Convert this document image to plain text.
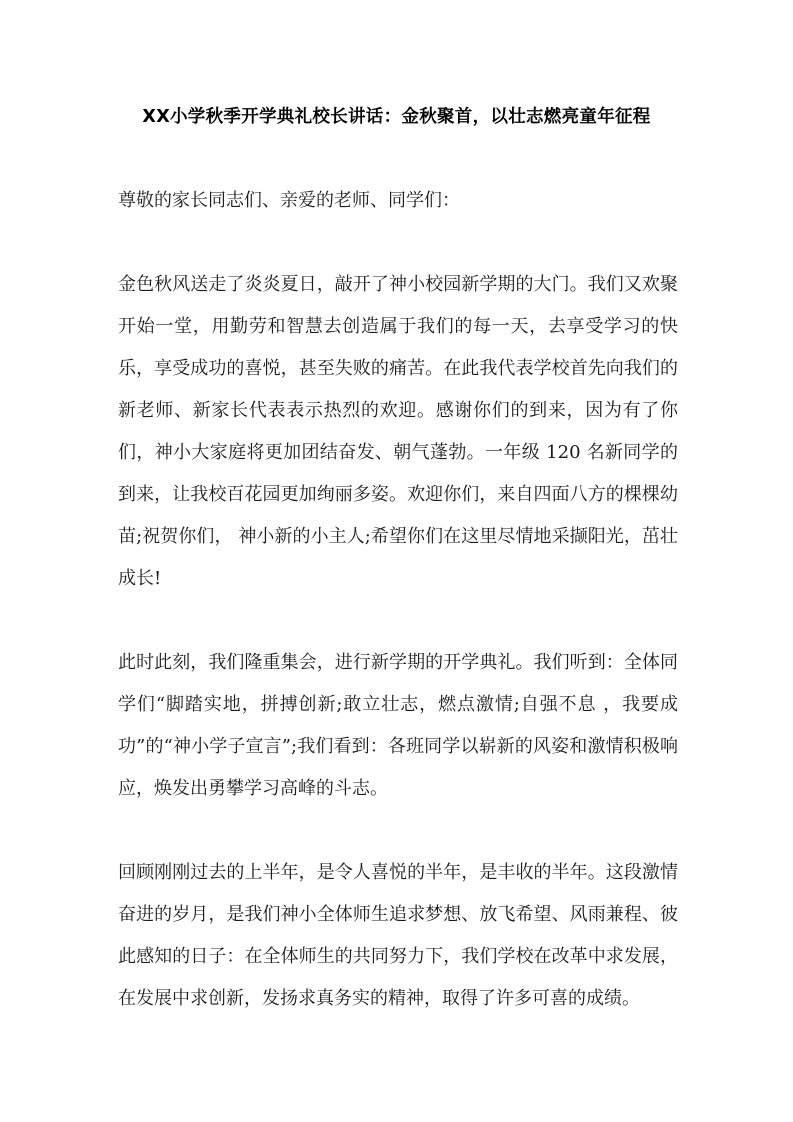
XX小学秋季开学典礼校长讲话：金秋聚首，以壮志燃亮童年征程

尊敬的家长同志们、亲爱的老师、同学们：

金色秋风送走了炎炎夏日，敲开了神小校园新学期的大门。我们又欢聚开始一堂，用勤劳和智慧去创造属于我们的每一天，去享受学习的快乐，享受成功的喜悦，甚至失败的痛苦。在此我代表学校首先向我们的新老师、新家长代表表示热烈的欢迎。感谢你们的到来，因为有了你们，神小大家庭将更加团结奋发、朝气蓬勃。一年级 120 名新同学的到来，让我校百花园更加绚丽多姿。欢迎你们，来自四面八方的棵棵幼苗;祝贺你们， 神小新的小主人;希望你们在这里尽情地采撷阳光，茁壮成长!

此时此刻，我们隆重集会，进行新学期的开学典礼。我们听到：全体同学们“脚踏实地，拼搏创新;敢立壮志，燃点激情;自强不息 ，我要成功”的“神小学子宣言”;我们看到：各班同学以崭新的风姿和激情积极响应，焕发出勇攀学习高峰的斗志。

回顾刚刚过去的上半年，是令人喜悦的半年，是丰收的半年。这段激情奋进的岁月，是我们神小全体师生追求梦想、放飞希望、风雨兼程、彼此感知的日子：在全体师生的共同努力下，我们学校在改革中求发展，在发展中求创新，发扬求真务实的精神，取得了许多可喜的成绩。
